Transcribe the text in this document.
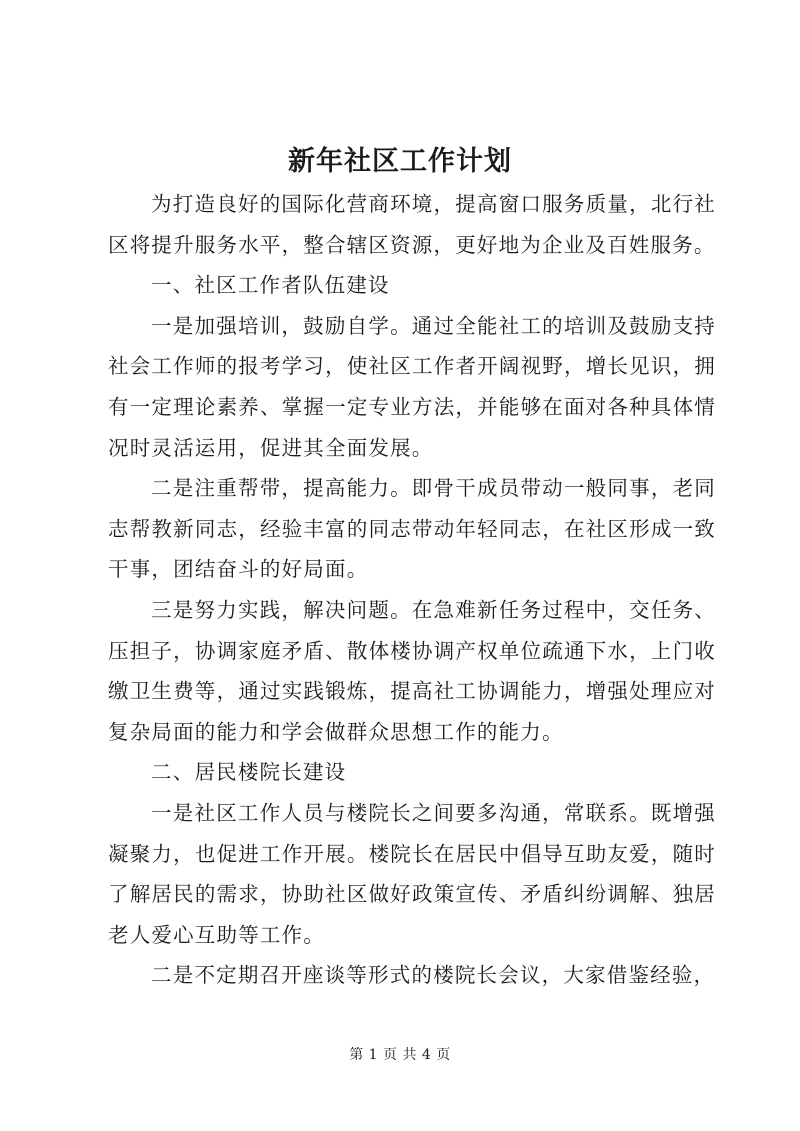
新年社区工作计划

为打造良好的国际化营商环境，提高窗口服务质量，北行社区将提升服务水平，整合辖区资源，更好地为企业及百姓服务。

一、社区工作者队伍建设

一是加强培训，鼓励自学。通过全能社工的培训及鼓励支持社会工作师的报考学习，使社区工作者开阔视野，增长见识，拥有一定理论素养、掌握一定专业方法，并能够在面对各种具体情况时灵活运用，促进其全面发展。

二是注重帮带，提高能力。即骨干成员带动一般同事，老同志帮教新同志，经验丰富的同志带动年轻同志，在社区形成一致干事，团结奋斗的好局面。

三是努力实践，解决问题。在急难新任务过程中，交任务、压担子，协调家庭矛盾、散体楼协调产权单位疏通下水，上门收缴卫生费等，通过实践锻炼，提高社工协调能力，增强处理应对复杂局面的能力和学会做群众思想工作的能力。

二、居民楼院长建设

一是社区工作人员与楼院长之间要多沟通，常联系。既增强凝聚力，也促进工作开展。楼院长在居民中倡导互助友爱，随时了解居民的需求，协助社区做好政策宣传、矛盾纠纷调解、独居老人爱心互助等工作。

二是不定期召开座谈等形式的楼院长会议，大家借鉴经验，

第 1 页 共 4 页
